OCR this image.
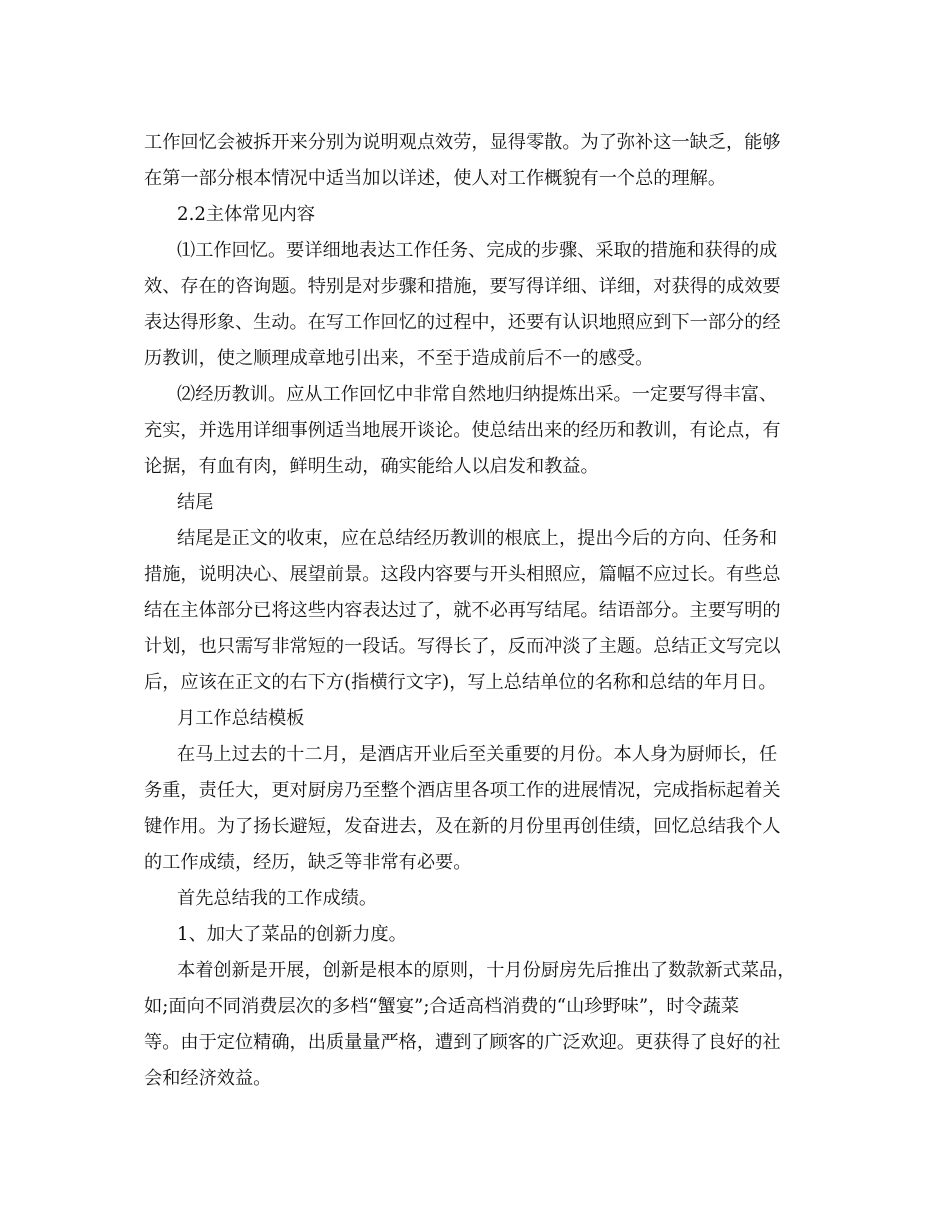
工作回忆会被拆开来分别为说明观点效劳，显得零散。为了弥补这一缺乏，能够
在第一部分根本情况中适当加以详述，使人对工作概貌有一个总的理解。
2.2主体常见内容
⑴工作回忆。要详细地表达工作任务、完成的步骤、采取的措施和获得的成
效、存在的咨询题。特别是对步骤和措施，要写得详细、详细，对获得的成效要
表达得形象、生动。在写工作回忆的过程中，还要有认识地照应到下一部分的经
历教训，使之顺理成章地引出来，不至于造成前后不一的感受。
⑵经历教训。应从工作回忆中非常自然地归纳提炼出采。一定要写得丰富、
充实，并选用详细事例适当地展开谈论。使总结出来的经历和教训，有论点，有
论据，有血有肉，鲜明生动，确实能给人以启发和教益。
结尾
结尾是正文的收束，应在总结经历教训的根底上，提出今后的方向、任务和
措施，说明决心、展望前景。这段内容要与开头相照应，篇幅不应过长。有些总
结在主体部分已将这些内容表达过了，就不必再写结尾。结语部分。主要写明的
计划，也只需写非常短的一段话。写得长了，反而冲淡了主题。总结正文写完以
后，应该在正文的右下方(指横行文字)，写上总结单位的名称和总结的年月日。
月工作总结模板
在马上过去的十二月，是酒店开业后至关重要的月份。本人身为厨师长，任
务重，责任大，更对厨房乃至整个酒店里各项工作的进展情况，完成指标起着关
键作用。为了扬长避短，发奋进去，及在新的月份里再创佳绩，回忆总结我个人
的工作成绩，经历，缺乏等非常有必要。
首先总结我的工作成绩。
1、加大了菜品的创新力度。
本着创新是开展，创新是根本的原则，十月份厨房先后推出了数款新式菜品，
如;面向不同消费层次的多档“蟹宴”;合适高档消费的“山珍野味”，时令蔬菜
等。由于定位精确，出质量量严格，遭到了顾客的广泛欢迎。更获得了良好的社
会和经济效益。
